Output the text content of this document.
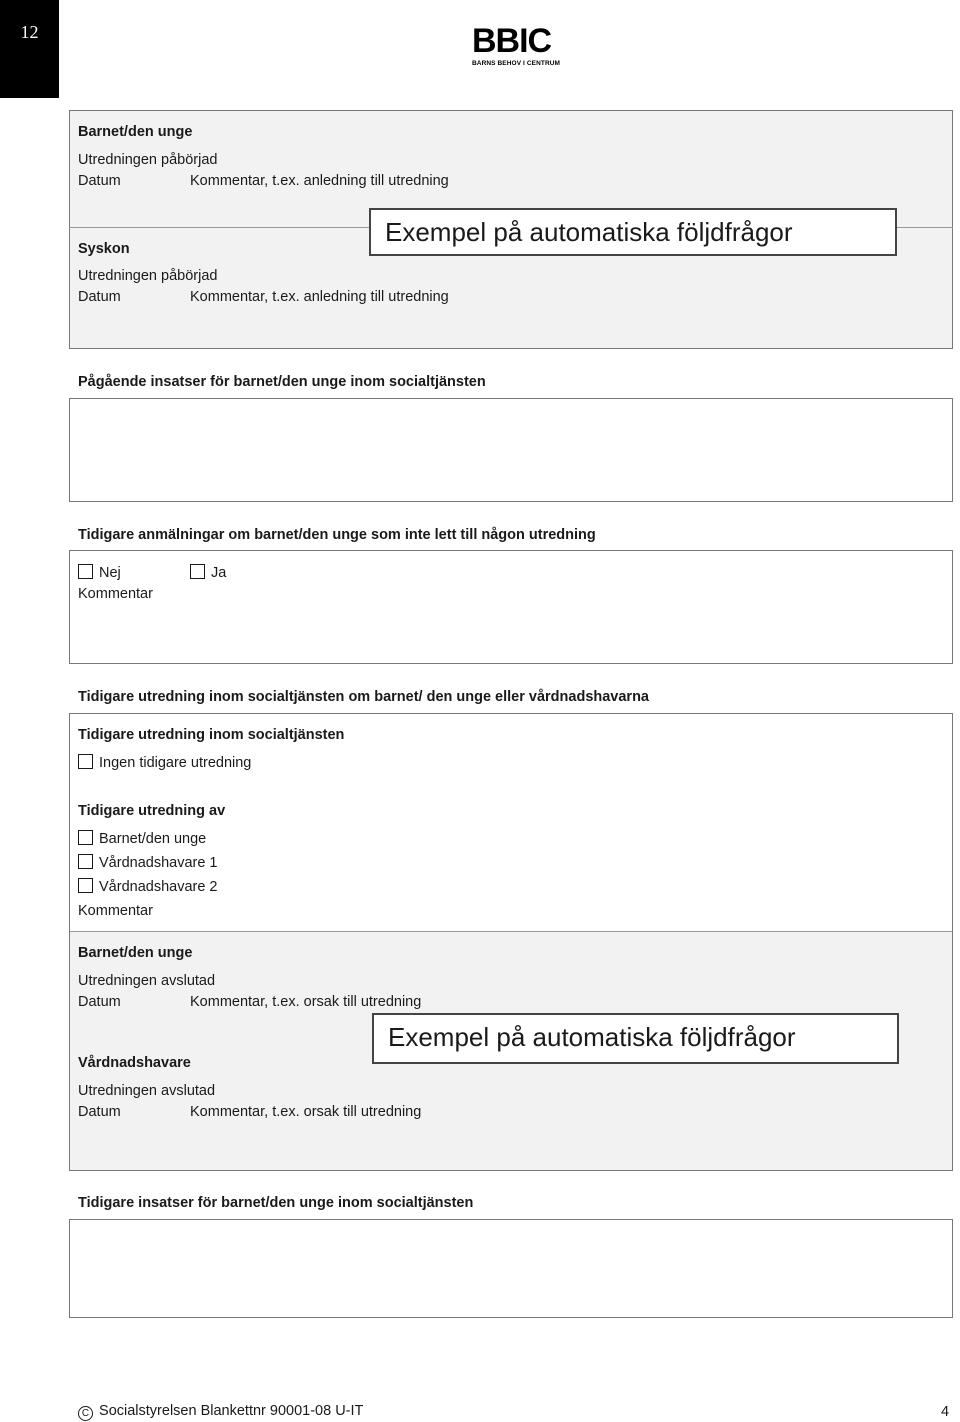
12	BBIC
BARNS BEHOV I CENTRUM
Barnet/den unge
Utredningen påbörjad
Datum	Kommentar, t.ex. anledning till utredning
Syskon
Utredningen påbörjad
Datum	Kommentar, t.ex. anledning till utredning
Exempel på automatiska följdfrågor
Pågående insatser för barnet/den unge inom socialtjänsten
Tidigare anmälningar om barnet/den unge som inte lett till någon utredning
Nej	Ja
Kommentar
Tidigare utredning inom socialtjänsten om barnet/ den unge eller vårdnadshavarna
Tidigare utredning inom socialtjänsten
Ingen tidigare utredning
Tidigare utredning av
Barnet/den unge
Vårdnadshavare 1
Vårdnadshavare 2
Kommentar
Barnet/den unge
Utredningen avslutad
Datum	Kommentar, t.ex. orsak till utredning
Vårdnadshavare
Utredningen avslutad
Datum	Kommentar, t.ex. orsak till utredning
Exempel på automatiska följdfrågor
Tidigare insatser för barnet/den unge inom socialtjänsten
C Socialstyrelsen Blankettnr 90001-08 U-IT	4
